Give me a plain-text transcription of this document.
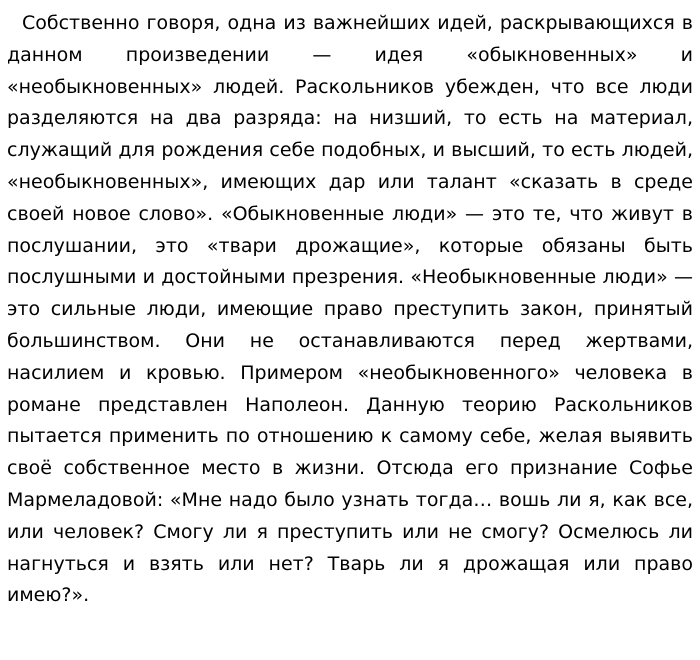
Собственно говоря, одна из важнейших идей, раскрывающихся в данном произведении — идея «обыкновенных» и «необыкновенных» людей. Раскольников убежден, что все люди разделяются на два разряда: на низший, то есть на материал, служащий для рождения себе подобных, и высший, то есть людей, «необыкновенных», имеющих дар или талант «сказать в среде своей новое слово». «Обыкновенные люди» — это те, что живут в послушании, это «твари дрожащие», которые обязаны быть послушными и достойными презрения. «Необыкновенные люди» — это сильные люди, имеющие право преступить закон, принятый большинством. Они не останавливаются перед жертвами, насилием и кровью. Примером «необыкновенного» человека в романе представлен Наполеон. Данную теорию Раскольников пытается применить по отношению к самому себе, желая выявить своё собственное место в жизни. Отсюда его признание Софье Мармеладовой: «Мне надо было узнать тогда… вошь ли я, как все, или человек? Смогу ли я преступить или не смогу? Осмелюсь ли нагнуться и взять или нет? Тварь ли я дрожащая или право имею?».
